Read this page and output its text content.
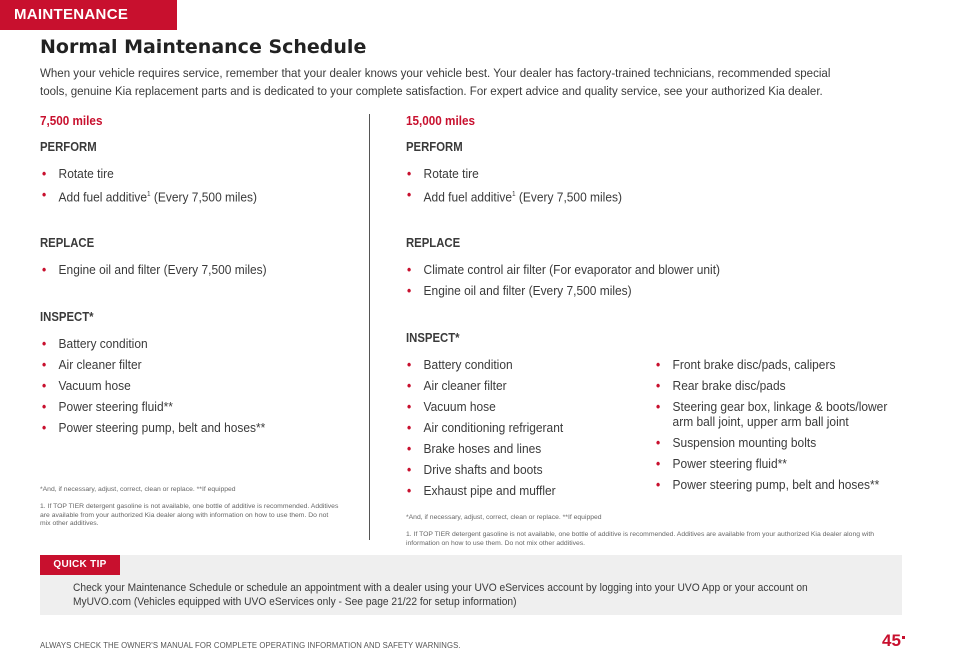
MAINTENANCE
Normal Maintenance Schedule
When your vehicle requires service, remember that your dealer knows your vehicle best. Your dealer has factory-trained technicians, recommended special tools, genuine Kia replacement parts and is dedicated to your complete satisfaction. For expert advice and quality service, see your authorized Kia dealer.
7,500 miles
PERFORM
• Rotate tire
• Add fuel additive$^1$ (Every 7,500 miles)
REPLACE
• Engine oil and filter (Every 7,500 miles)
INSPECT*
• Battery condition
• Air cleaner filter
• Vacuum hose
• Power steering fluid**
• Power steering pump, belt and hoses**
*And, if necessary, adjust, correct, clean or replace. **If equipped
1. If TOP TIER detergent gasoline is not available, one bottle of additive is recommended. Additives are available from your authorized Kia dealer along with information on how to use them. Do not mix other additives.
15,000 miles
PERFORM
• Rotate tire
• Add fuel additive$^1$ (Every 7,500 miles)
REPLACE
• Climate control air filter (For evaporator and blower unit)
• Engine oil and filter (Every 7,500 miles)
INSPECT*
• Battery condition
• Air cleaner filter
• Vacuum hose
• Air conditioning refrigerant
• Brake hoses and lines
• Drive shafts and boots
• Exhaust pipe and muffler
• Front brake disc/pads, calipers
• Rear brake disc/pads
• Steering gear box, linkage & boots/lower arm ball joint, upper arm ball joint
• Suspension mounting bolts
• Power steering fluid**
• Power steering pump, belt and hoses**
*And, if necessary, adjust, correct, clean or replace. **If equipped
1. If TOP TIER detergent gasoline is not available, one bottle of additive is recommended. Additives are available from your authorized Kia dealer along with information on how to use them. Do not mix other additives.
QUICK TIP
Check your Maintenance Schedule or schedule an appointment with a dealer using your UVO eServices account by logging into your UVO App or your account on MyUVO.com (Vehicles equipped with UVO eServices only - See page 21/22 for setup information)
ALWAYS CHECK THE OWNER'S MANUAL FOR COMPLETE OPERATING INFORMATION AND SAFETY WARNINGS.	45
